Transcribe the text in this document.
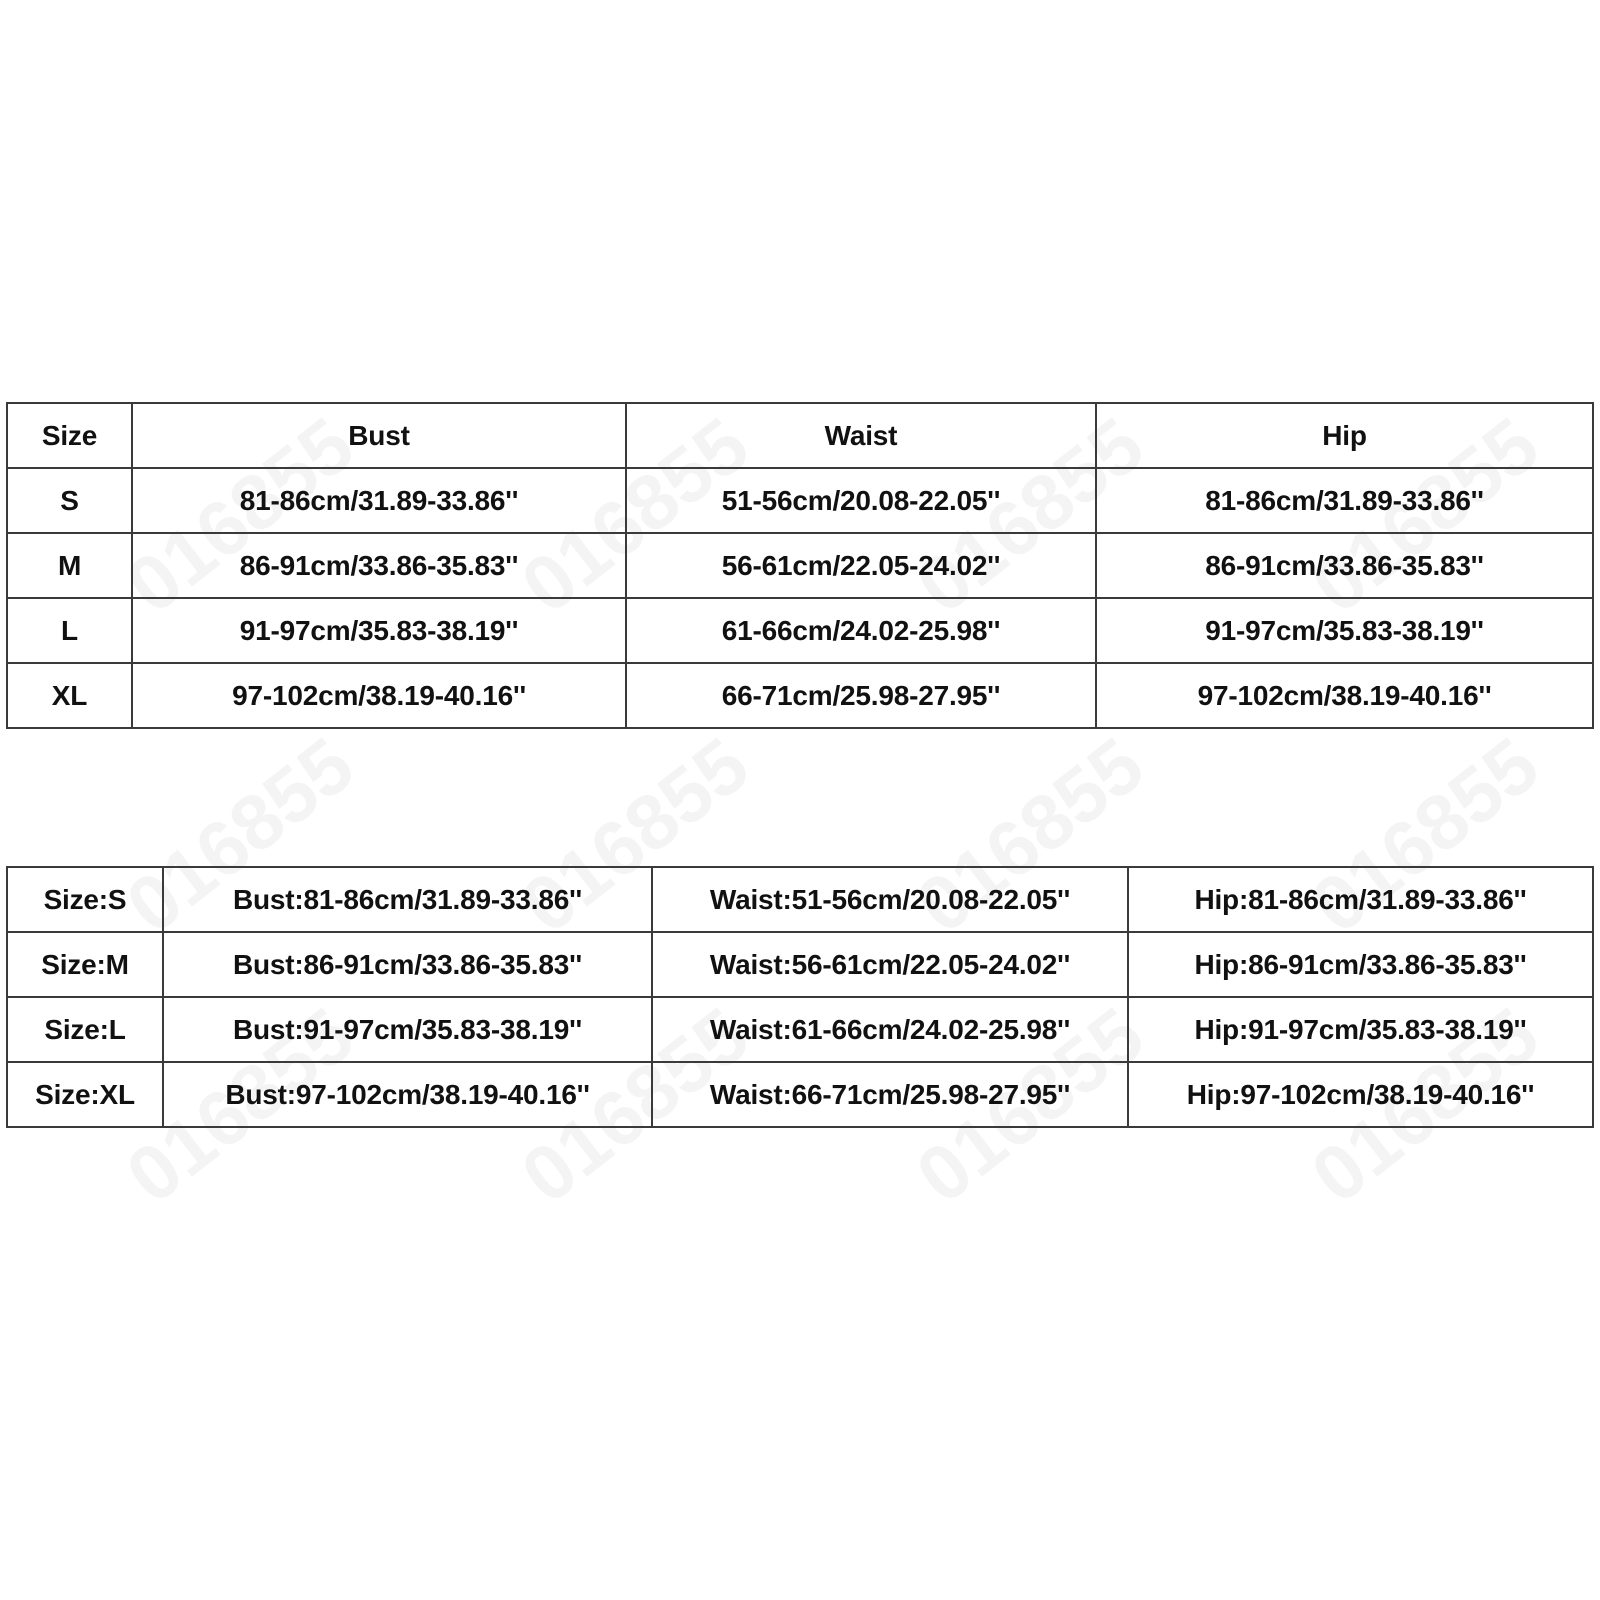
Size	Bust	Waist	Hip
S	81-86cm/31.89-33.86''	51-56cm/20.08-22.05''	81-86cm/31.89-33.86''
M	86-91cm/33.86-35.83''	56-61cm/22.05-24.02''	86-91cm/33.86-35.83''
L	91-97cm/35.83-38.19''	61-66cm/24.02-25.98''	91-97cm/35.83-38.19''
XL	97-102cm/38.19-40.16''	66-71cm/25.98-27.95''	97-102cm/38.19-40.16''
Size:S	Bust:81-86cm/31.89-33.86''	Waist:51-56cm/20.08-22.05''	Hip:81-86cm/31.89-33.86''
Size:M	Bust:86-91cm/33.86-35.83''	Waist:56-61cm/22.05-24.02''	Hip:86-91cm/33.86-35.83''
Size:L	Bust:91-97cm/35.83-38.19''	Waist:61-66cm/24.02-25.98''	Hip:91-97cm/35.83-38.19''
Size:XL	Bust:97-102cm/38.19-40.16''	Waist:66-71cm/25.98-27.95''	Hip:97-102cm/38.19-40.16''
